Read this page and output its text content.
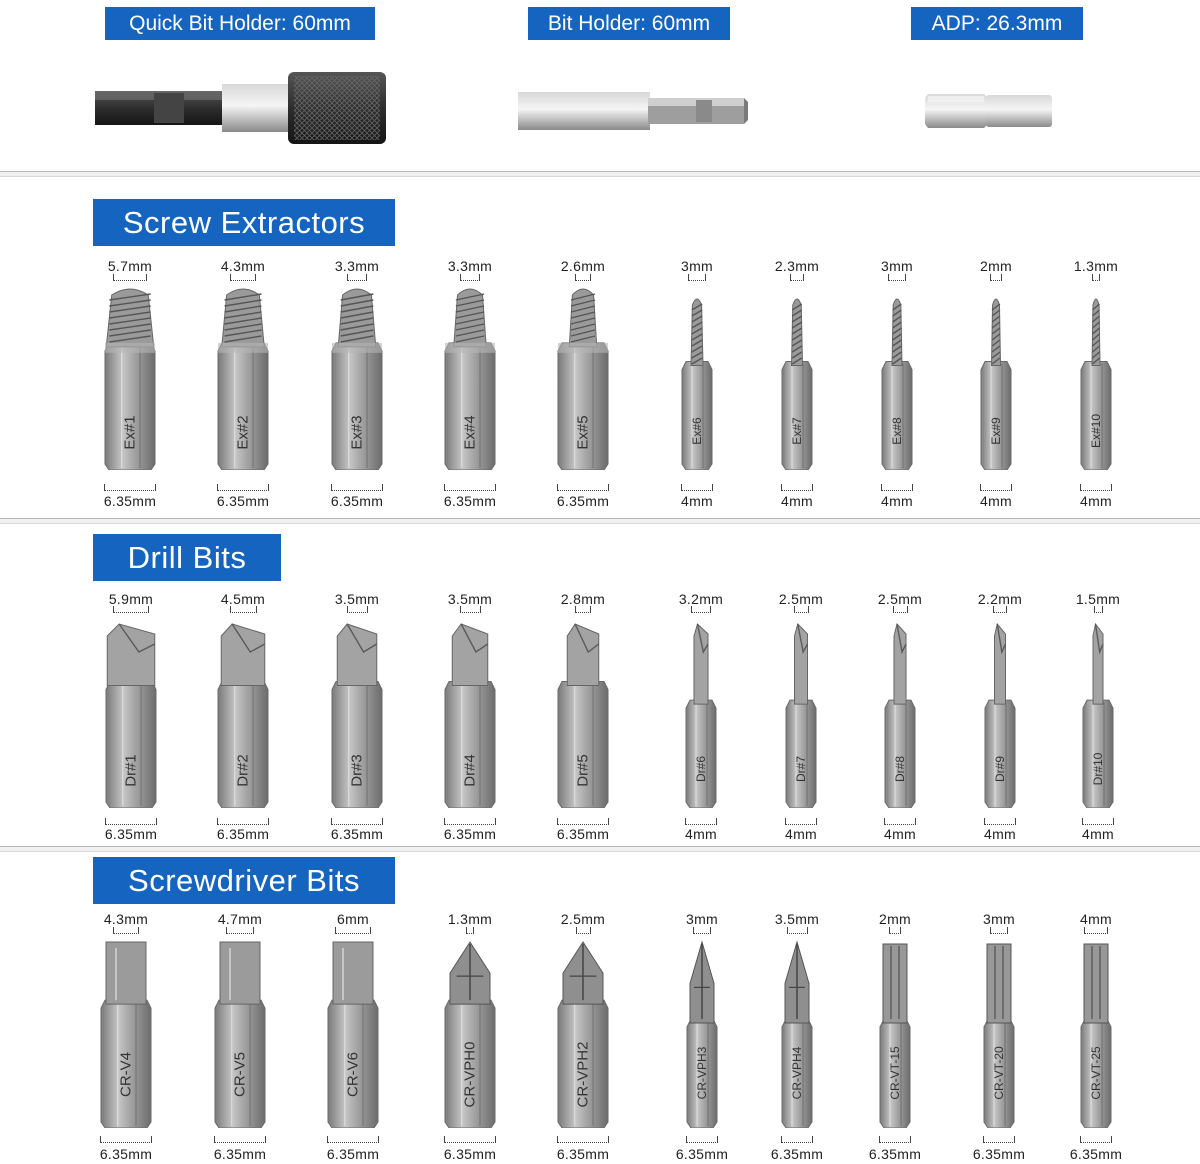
Quick Bit Holder: 60mm	Bit Holder: 60mm	ADP: 26.3mm
Screw Extractors
Drill Bits
Screwdriver Bits
5.7mm
Ex#1
6.35mm
4.3mm
Ex#2
6.35mm
3.3mm
Ex#3
6.35mm
3.3mm
Ex#4
6.35mm
2.6mm
Ex#5
6.35mm
3mm
Ex#6
4mm
2.3mm
Ex#7
4mm
3mm
Ex#8
4mm
2mm
Ex#9
4mm
1.3mm
Ex#10
4mm
5.9mm
Dr#1
6.35mm
4.5mm
Dr#2
6.35mm
3.5mm
Dr#3
6.35mm
3.5mm
Dr#4
6.35mm
2.8mm
Dr#5
6.35mm
3.2mm
Dr#6
4mm
2.5mm
Dr#7
4mm
2.5mm
Dr#8
4mm
2.2mm
Dr#9
4mm
1.5mm
Dr#10
4mm
4.3mm
CR-V4
6.35mm
4.7mm
CR-V5
6.35mm
6mm
CR-V6
6.35mm
1.3mm
CR-VPH0
6.35mm
2.5mm
CR-VPH2
6.35mm
3mm
CR-VPH3
6.35mm
3.5mm
CR-VPH4
6.35mm
2mm
CR-VT-15
6.35mm
3mm
CR-VT-20
6.35mm
4mm
CR-VT-25
6.35mm
